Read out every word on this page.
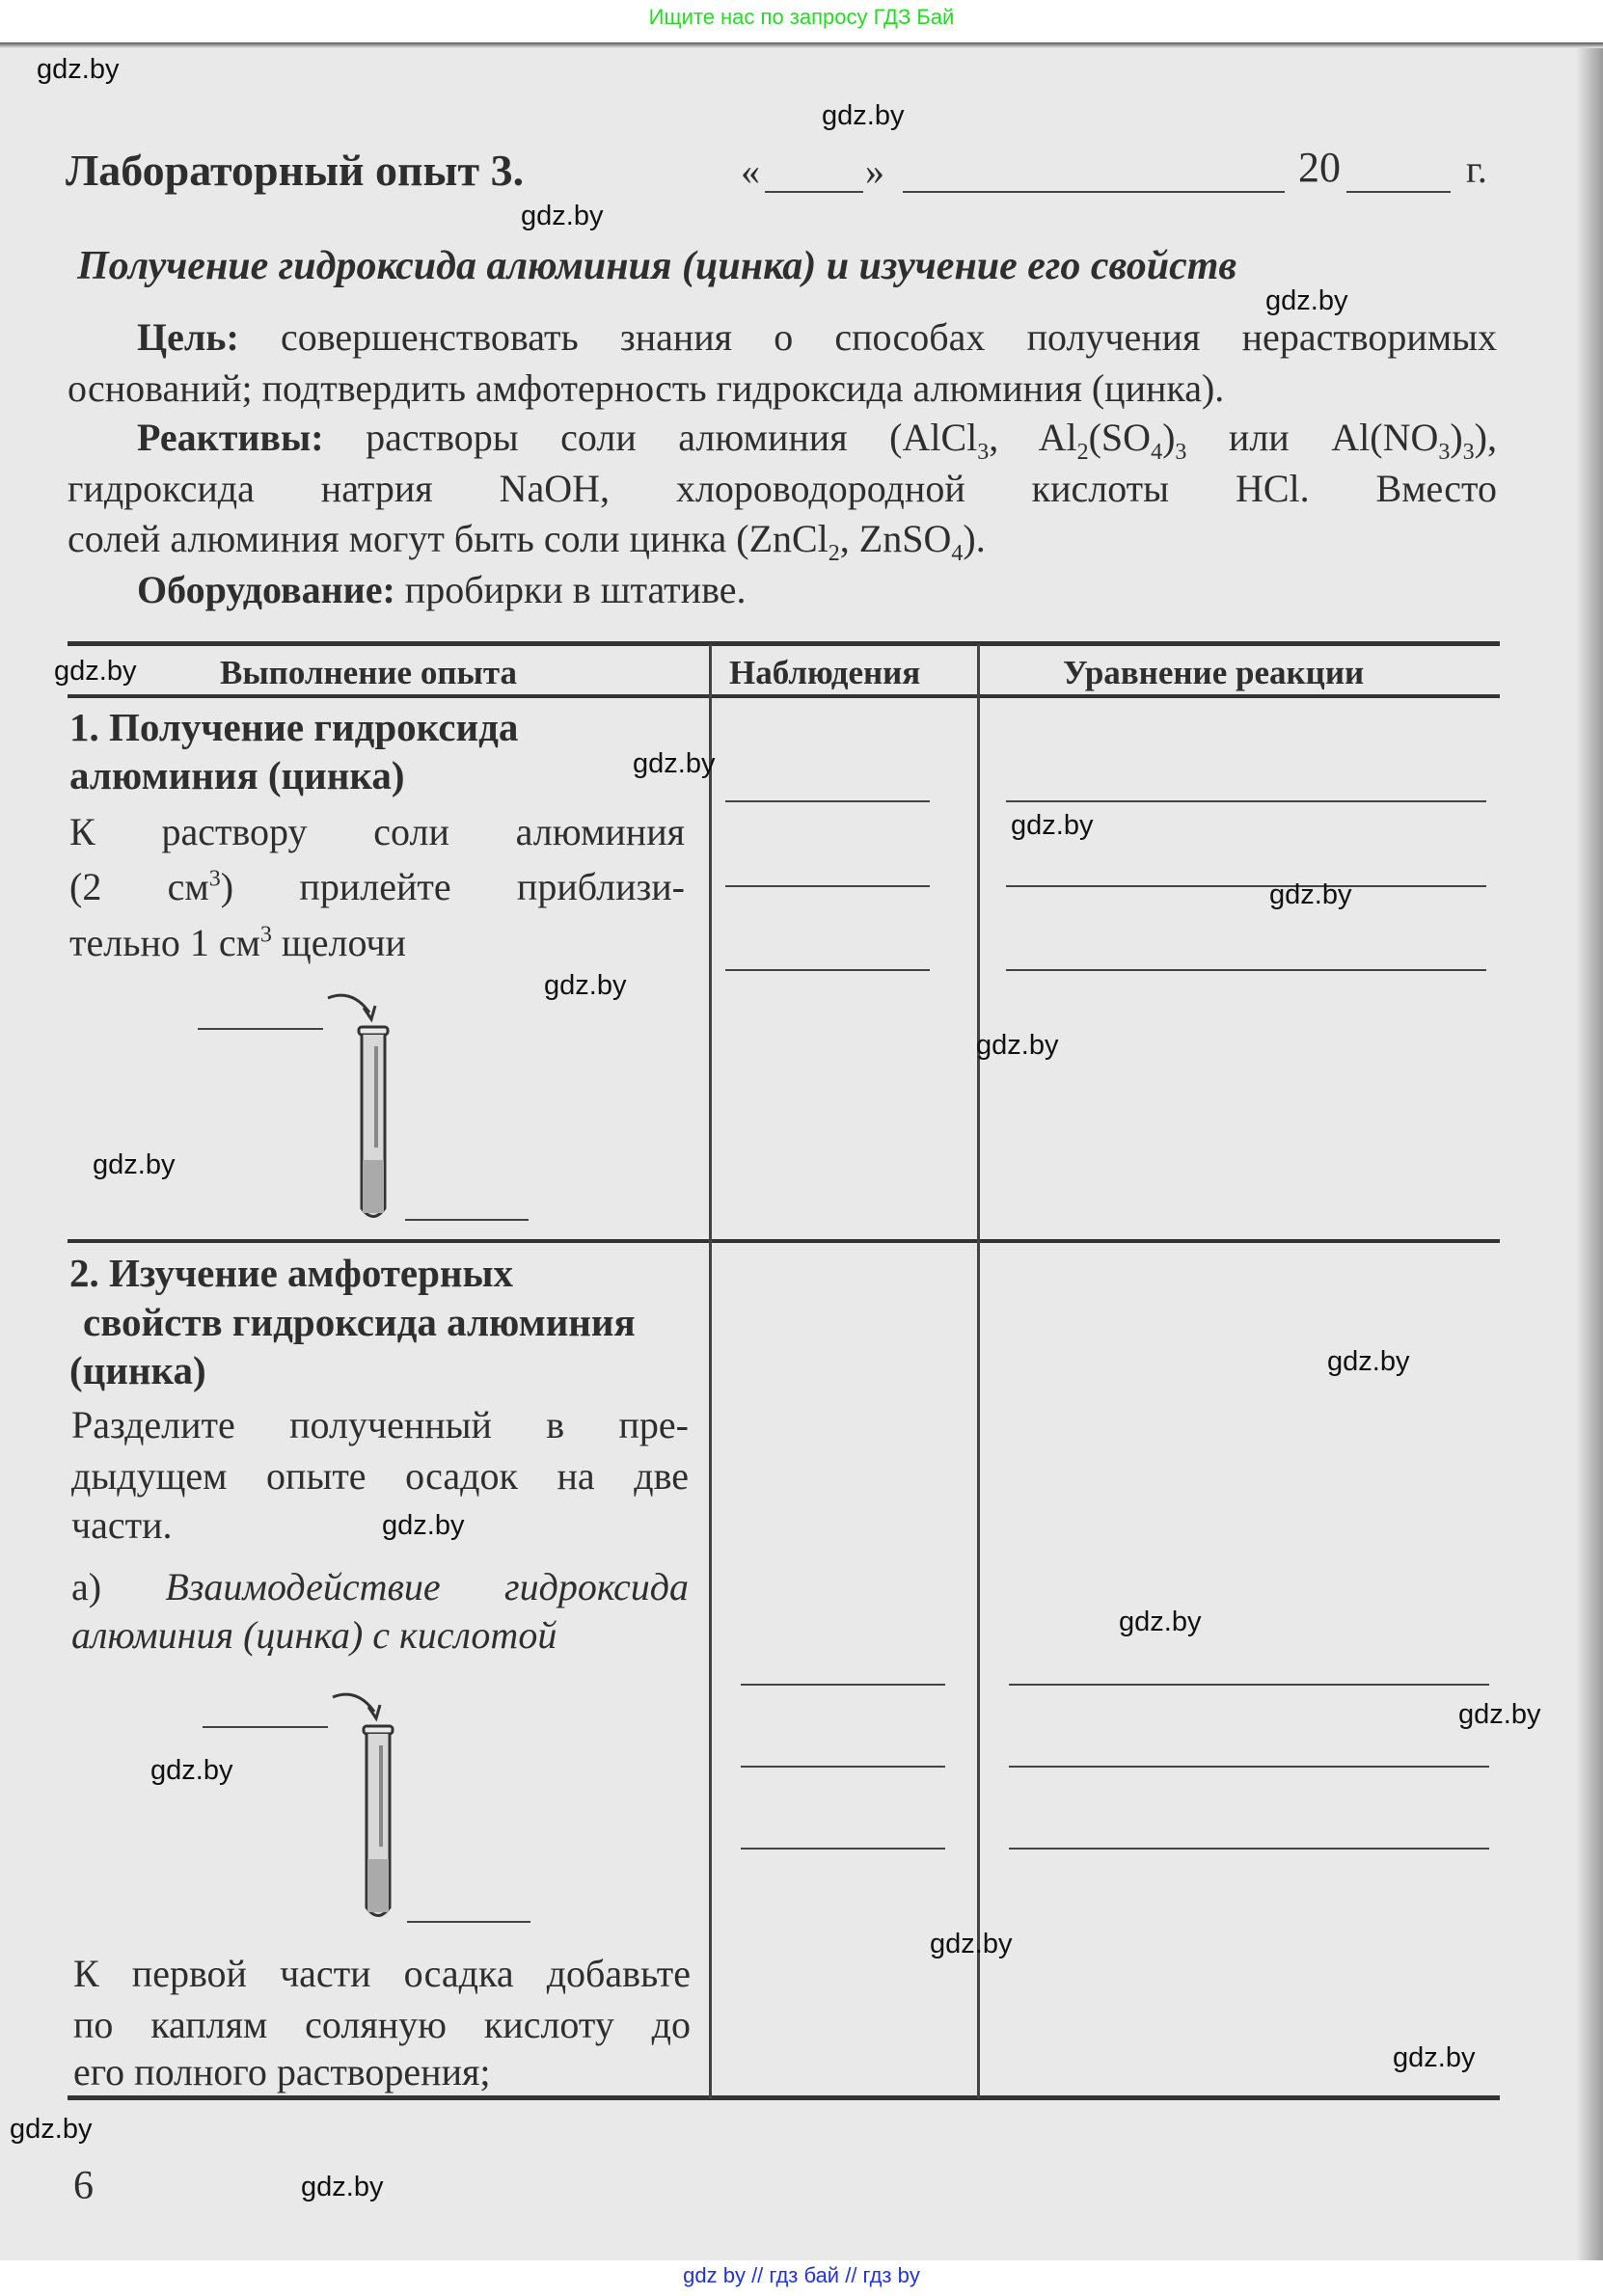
Ищите нас по запросу ГДЗ Бай
Лабораторный опыт 3.	«	»	20	г.
Получение гидроксида алюминия (цинка) и изучение его свойств
Цель: совершенствовать знания о способах получения нерастворимых
оснований; подтвердить амфотерность гидроксида алюминия (цинка).
Реактивы: растворы соли алюминия (AlCl$_3$, $Al_2(SO_4)_3$ или $Al(NO_3)_3$),
гидроксида натрия NaOH, хлороводородной кислоты HCl. Вместо
солей алюминия могут быть соли цинка (ZnCl$_2$, ZnSO$_4$).
Оборудование: пробирки в штативе.
Выполнение опыта	Наблюдения	Уравнение реакции
1. Получение гидроксида
алюминия (цинка)
К раствору соли алюминия
(2 $см^3$) прилейте приблизи-
тельно 1 $см^3$ щелочи
2. Изучение амфотерных
свойств гидроксида алюминия
(цинка)
Разделите полученный в пре-
дыдущем опыте осадок на две
части.
а) Взаимодействие гидроксида
алюминия (цинка) с кислотой
К первой части осадка добавьте
по каплям соляную кислоту до
его полного растворения;
6
gdz.by
gdz.by
gdz.by
gdz.by
gdz.by
gdz.by
gdz.by
gdz.by
gdz.by
gdz.by
gdz.by
gdz.by
gdz.by
gdz.by
gdz.by
gdz.by
gdz.by
gdz.by
gdz.by
gdz.by
gdz by // гдз бай // гдз by
